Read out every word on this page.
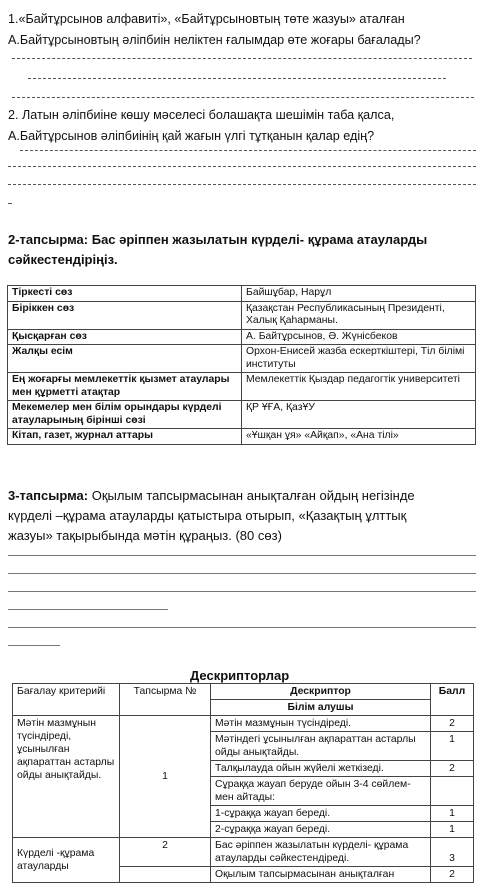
1.«Байтұрсынов алфавиті», «Байтұрсыновтың төте жазуы» аталған
А.Байтұрсыновтың әліпбиін неліктен ғалымдар өте жоғары бағалады?
2. Латын әліпбиіне көшу мәселесі болашақта шешімін таба қалса,
А.Байтұрсынов әліпбиінің қай жағын үлгі тұтқанын қалар едің?
2-тапсырма: Бас әріппен жазылатын күрделі- құрама атауларды
сәйкестендіріңіз.
Тіркесті сөз	Байшұбар, Нарұл
Біріккен сөз	Қазақстан Республикасының Президенті, Халық Қаһарманы.
Қысқарған сөз	А. Байтұрсынов, Ә. Жүнісбеков
Жалқы есім	Орхон-Енисей жазба ескерткіштері, Тіл білімі институты
Ең жоғарғы мемлекеттік қызмет атаулары мен құрметті атақтар	Мемлекеттік Қыздар педагогтік университеті
Мекемелер мен білім орындары күрделі атауларының бірінші сөзі	ҚР ҰҒА, ҚазҰУ
Кітап, газет, журнал аттары	«Ұшқан ұя» «Айқап», «Ана тілі»
3-тапсырма: Оқылым тапсырмасынан анықталған ойдың негізінде
күрделі –құрама атауларды қатыстыра отырып, «Қазақтың ұлттық
жазуы» тақырыбында мәтін құраңыз. (80 сөз)
Дескрипторлар
Бағалау критерийі	Тапсырма №	Дескриптор	Балл
		Білім алушы	
Мәтін мазмұнын түсіндіреді, ұсынылған ақпараттан астарлы ойды анықтайды.	1	Мәтін мазмұнын түсіндіреді.	2
		Мәтіндегі ұсынылған ақпараттан астарлы ойды анықтайды.	1
		Талқылауда ойын жүйелі жеткізеді.	2
		Сұраққа жауап беруде ойын 3-4 сөйлем- мен айтады:	
		1-сұраққа жауап береді.	1
		2-сұраққа жауап береді.	1
Күрделі -құрама атауларды	2	Бас әріппен жазылатын күрделі- құрама атауларды сәйкестендіреді.	3
		Оқылым тапсырмасынан анықталған	2
